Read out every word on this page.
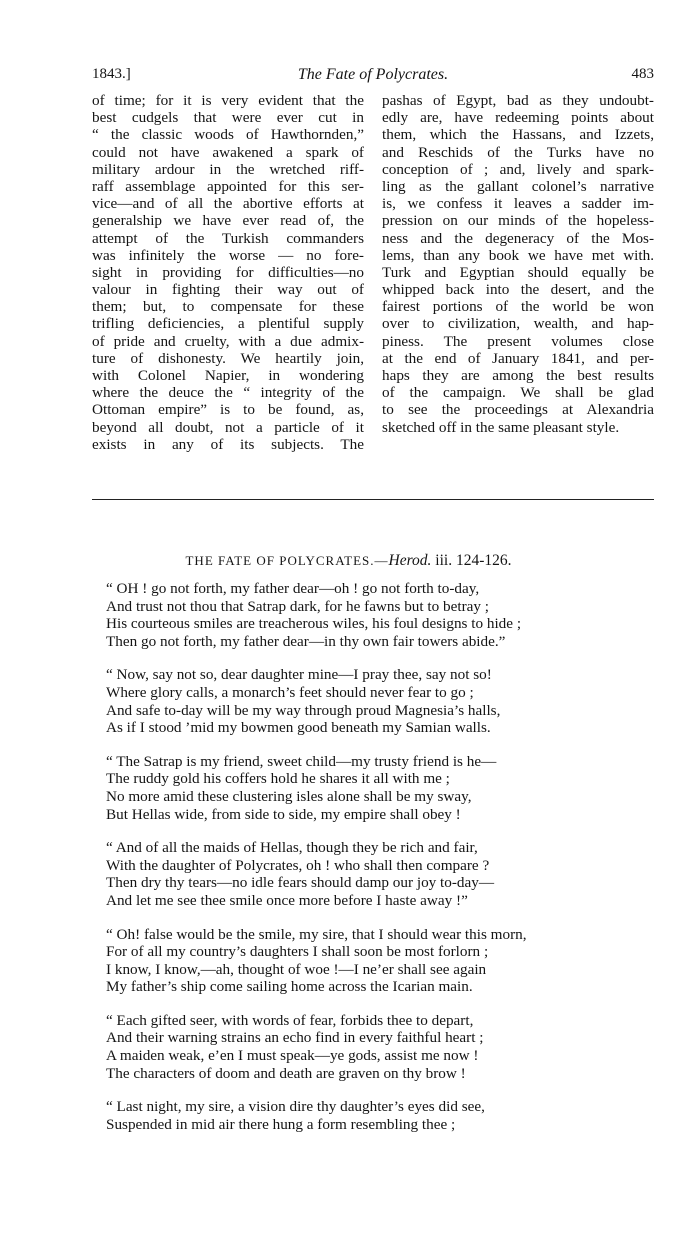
1843.]	The Fate of Polycrates.	483
of time; for it is very evident that the
best cudgels that were ever cut in
“ the classic woods of Hawthornden,”
could not have awakened a spark of
military ardour in the wretched riff-
raff assemblage appointed for this ser-
vice—and of all the abortive efforts at
generalship we have ever read of, the
attempt of the Turkish commanders
was infinitely the worse — no fore-
sight in providing for difficulties—no
valour in fighting their way out of
them; but, to compensate for these
trifling deficiencies, a plentiful supply
of pride and cruelty, with a due admix-
ture of dishonesty. We heartily join,
with Colonel Napier, in wondering
where the deuce the “ integrity of the
Ottoman empire” is to be found, as,
beyond all doubt, not a particle of it
exists in any of its subjects. The
pashas of Egypt, bad as they undoubt-
edly are, have redeeming points about
them, which the Hassans, and Izzets,
and Reschids of the Turks have no
conception of ; and, lively and spark-
ling as the gallant colonel’s narrative
is, we confess it leaves a sadder im-
pression on our minds of the hopeless-
ness and the degeneracy of the Mos-
lems, than any book we have met with.
Turk and Egyptian should equally be
whipped back into the desert, and the
fairest portions of the world be won
over to civilization, wealth, and hap-
piness. The present volumes close
at the end of January 1841, and per-
haps they are among the best results
of the campaign. We shall be glad
to see the proceedings at Alexandria
sketched off in the same pleasant style.
THE FATE OF POLYCRATES.—Herod. iii. 124-126.
“ OH ! go not forth, my father dear—oh ! go not forth to-day,
And trust not thou that Satrap dark, for he fawns but to betray ;
His courteous smiles are treacherous wiles, his foul designs to hide ;
Then go not forth, my father dear—in thy own fair towers abide.”
“ Now, say not so, dear daughter mine—I pray thee, say not so!
Where glory calls, a monarch’s feet should never fear to go ;
And safe to-day will be my way through proud Magnesia’s halls,
As if I stood ’mid my bowmen good beneath my Samian walls.
“ The Satrap is my friend, sweet child—my trusty friend is he—
The ruddy gold his coffers hold he shares it all with me ;
No more amid these clustering isles alone shall be my sway,
But Hellas wide, from side to side, my empire shall obey !
“ And of all the maids of Hellas, though they be rich and fair,
With the daughter of Polycrates, oh ! who shall then compare ?
Then dry thy tears—no idle fears should damp our joy to-day—
And let me see thee smile once more before I haste away !”
“ Oh! false would be the smile, my sire, that I should wear this morn,
For of all my country’s daughters I shall soon be most forlorn ;
I know, I know,—ah, thought of woe !—I ne’er shall see again
My father’s ship come sailing home across the Icarian main.
“ Each gifted seer, with words of fear, forbids thee to depart,
And their warning strains an echo find in every faithful heart ;
A maiden weak, e’en I must speak—ye gods, assist me now !
The characters of doom and death are graven on thy brow !
“ Last night, my sire, a vision dire thy daughter’s eyes did see,
Suspended in mid air there hung a form resembling thee ;
